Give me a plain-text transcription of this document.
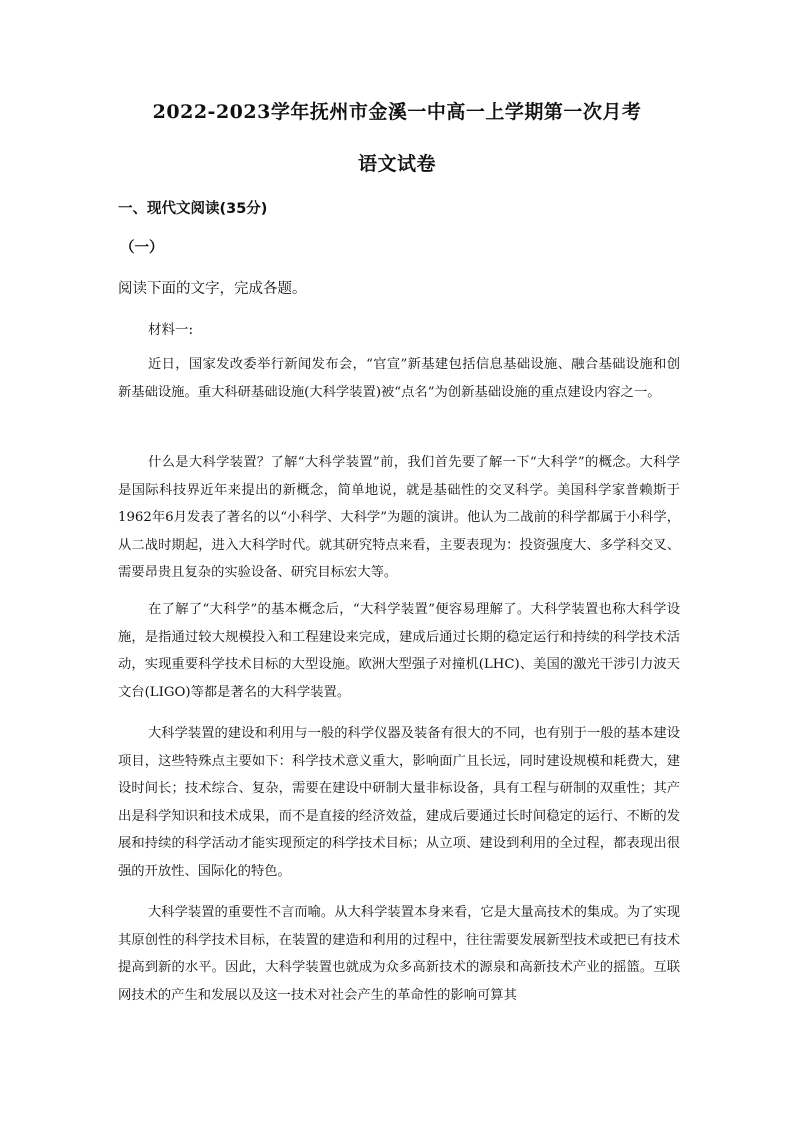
2022-2023学年抚州市金溪一中高一上学期第一次月考
语文试卷
一、现代文阅读(35分)
（一）
阅读下面的文字，完成各题。
材料一:
近日，国家发改委举行新闻发布会，“官宣”新基建包括信息基础设施、融合基础设施和创新基础设施。重大科研基础设施(大科学装置)被“点名”为创新基础设施的重点建设内容之一。
什么是大科学装置？了解“大科学装置”前，我们首先要了解一下“大科学”的概念。大科学是国际科技界近年来提出的新概念，简单地说，就是基础性的交叉科学。美国科学家普赖斯于1962年6月发表了著名的以“小科学、大科学”为题的演讲。他认为二战前的科学都属于小科学，从二战时期起，进入大科学时代。就其研究特点来看，主要表现为：投资强度大、多学科交叉、需要昂贵且复杂的实验设备、研究目标宏大等。
在了解了“大科学”的基本概念后，“大科学装置”便容易理解了。大科学装置也称大科学设施，是指通过较大规模投入和工程建设来完成，建成后通过长期的稳定运行和持续的科学技术活动，实现重要科学技术目标的大型设施。欧洲大型强子对撞机(LHC)、美国的激光干涉引力波天文台(LIGO)等都是著名的大科学装置。
大科学装置的建设和利用与一般的科学仪器及装备有很大的不同，也有别于一般的基本建设项目，这些特殊点主要如下：科学技术意义重大，影响面广且长远，同时建设规模和耗费大，建设时间长；技术综合、复杂，需要在建设中研制大量非标设备，具有工程与研制的双重性；其产出是科学知识和技术成果，而不是直接的经济效益，建成后要通过长时间稳定的运行、不断的发展和持续的科学活动才能实现预定的科学技术目标；从立项、建设到利用的全过程，都表现出很强的开放性、国际化的特色。
大科学装置的重要性不言而喻。从大科学装置本身来看，它是大量高技术的集成。为了实现其原创性的科学技术目标，在装置的建造和利用的过程中，往往需要发展新型技术或把已有技术提高到新的水平。因此，大科学装置也就成为众多高新技术的源泉和高新技术产业的摇篮。互联网技术的产生和发展以及这一技术对社会产生的革命性的影响可算其
